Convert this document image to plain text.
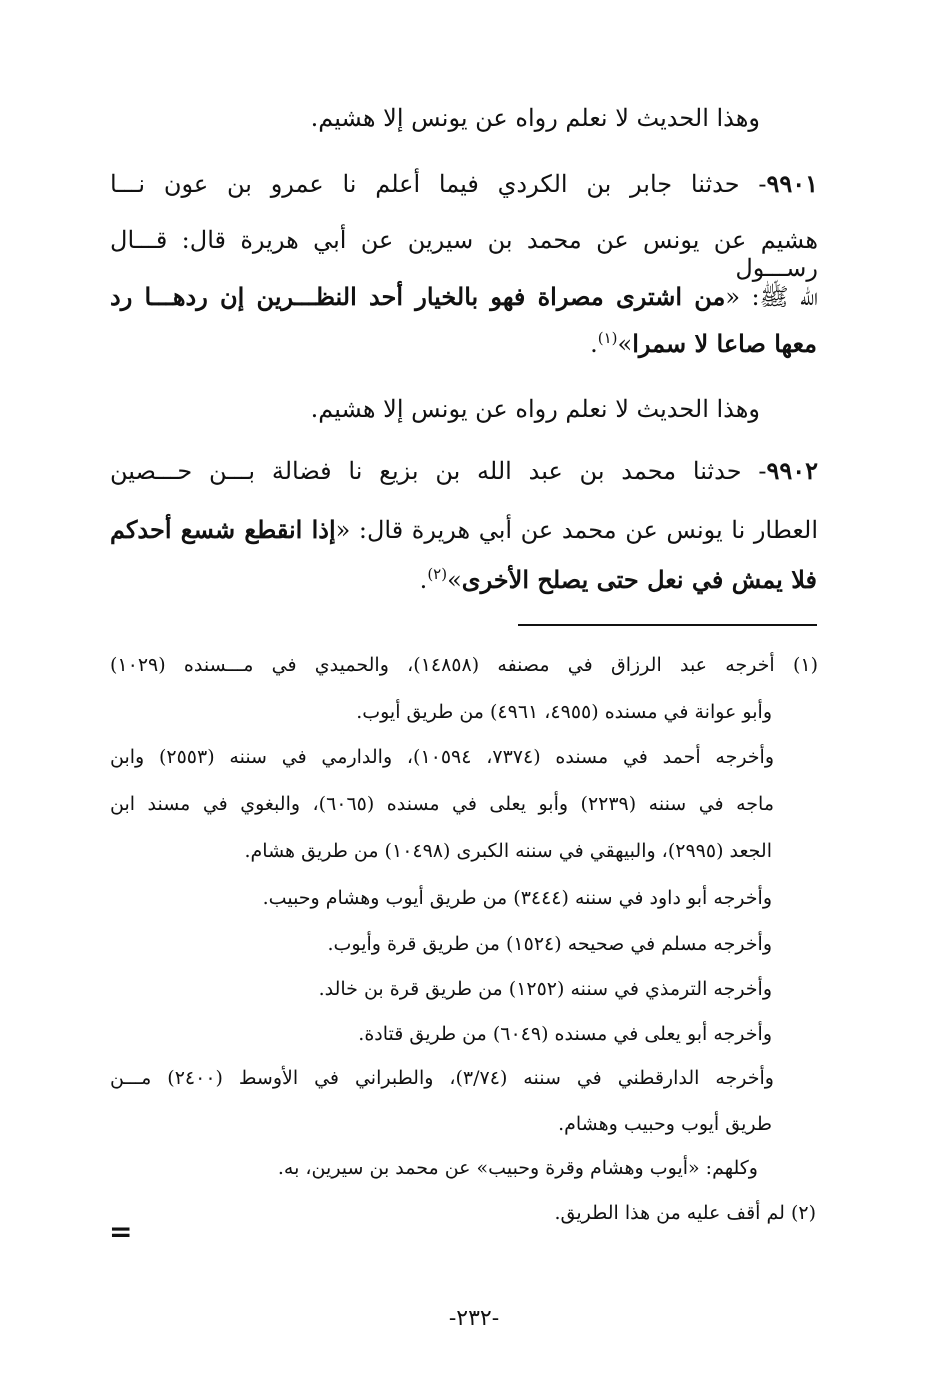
وهذا الحديث لا نعلم رواه عن يونس إلا هشيم.
٩٩٠١- حدثنا جابر بن الكردي فيما أعلم نا عمرو بن عون نـــا
هشيم عن يونس عن محمد بن سيرين عن أبي هريرة قال: قـــال رســـول
الله ﷺ: «من اشترى مصراة فهو بالخيار أحد النظـــرين إن ردهـــا رد
معها صاعا لا سمرا»$^{(١)}$.
وهذا الحديث لا نعلم رواه عن يونس إلا هشيم.
٩٩٠٢- حدثنا محمد بن عبد الله بن بزيع نا فضالة بـــن حـــصين
العطار نا يونس عن محمد عن أبي هريرة قال: «إذا انقطع شسع أحدكم
فلا يمش في نعل حتى يصلح الأخرى»$^{(٢)}$.
(١) أخرجه عبد الرزاق في مصنفه (١٤٨٥٨)، والحميدي في مـــسنده (١٠٢٩)
وأبو عوانة في مسنده (٤٩٥٥، ٤٩٦١) من طريق أيوب.
وأخرجه أحمد في مسنده (٧٣٧٤، ١٠٥٩٤)، والدارمي في سننه (٢٥٥٣) وابن
ماجه في سننه (٢٢٣٩) وأبو يعلى في مسنده (٦٠٦٥)، والبغوي في مسند ابن
الجعد (٢٩٩٥)، والبيهقي في سننه الكبرى (١٠٤٩٨) من طريق هشام.
وأخرجه أبو داود في سننه (٣٤٤٤) من طريق أيوب وهشام وحبيب.
وأخرجه مسلم في صحيحه (١٥٢٤) من طريق قرة وأيوب.
وأخرجه الترمذي في سننه (١٢٥٢) من طريق قرة بن خالد.
وأخرجه أبو يعلى في مسنده (٦٠٤٩) من طريق قتادة.
وأخرجه الدارقطني في سننه (٣/٧٤)، والطبراني في الأوسط (٢٤٠٠) مـــن
طريق أيوب وحبيب وهشام.
وكلهم: «أيوب وهشام وقرة وحبيب» عن محمد بن سيرين، به.
(٢) لم أقف عليه من هذا الطريق.
=
-٢٣٢-
